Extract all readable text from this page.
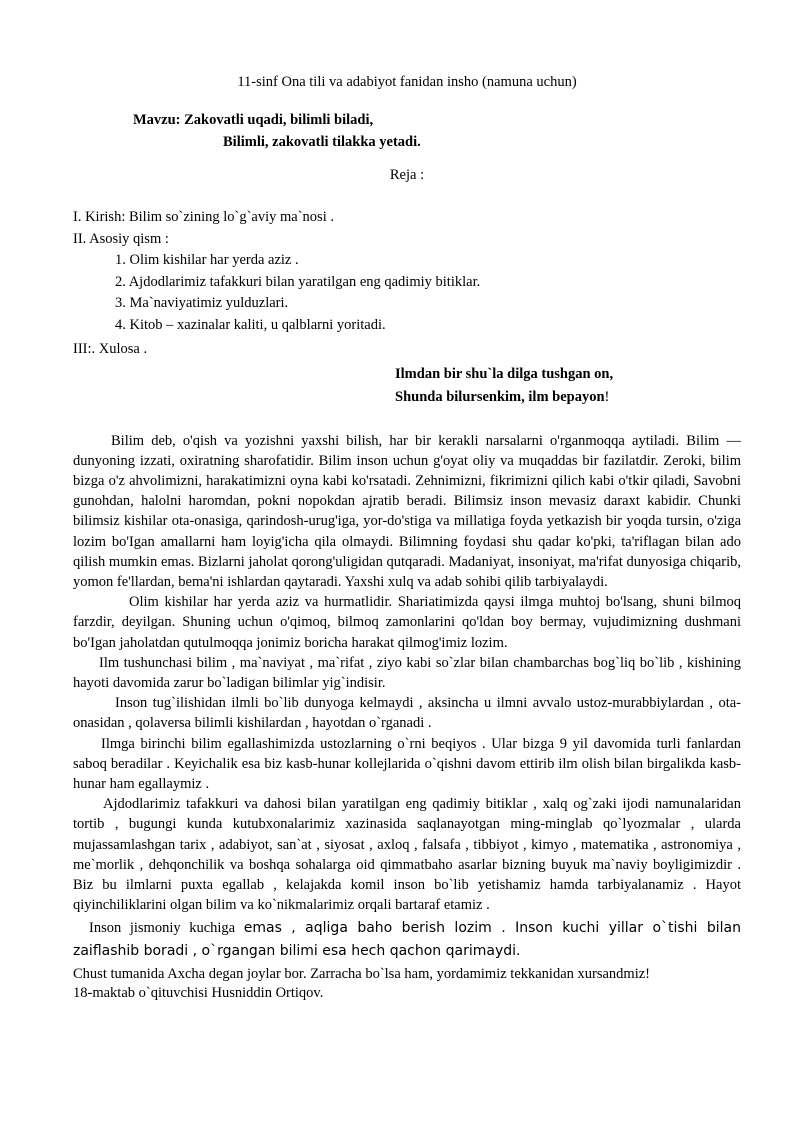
11-sinf Ona tili va adabiyot fanidan insho (namuna uchun)
Mavzu: Zakovatli uqadi, bilimli biladi,
Bilimli, zakovatli tilakka yetadi.
Reja :
I. Kirish: Bilim so`zining lo`g`aviy ma`nosi .
II. Asosiy qism :
1. Olim kishilar har yerda aziz .
2. Ajdodlarimiz tafakkuri bilan yaratilgan eng qadimiy bitiklar.
3. Ma`naviyatimiz yulduzlari.
4. Kitob – xazinalar kaliti, u qalblarni yoritadi.
III:. Xulosa .
Ilmdan bir shu`la dilga tushgan on,
Shunda bilursenkim, ilm bepayon!

Bilim deb, o'qish va yozishni yaxshi bilish, har bir kerakli narsalarni o'rganmoqqa aytiladi. Bilim — dunyoning izzati, oxiratning sharofatidir. Bilim inson uchun g'oyat oliy va muqaddas bir fazilatdir. Zeroki, bilim bizga o'z ahvolimizni, harakatimizni oyna kabi ko'rsatadi. Zehnimizni, fikrimizni qilich kabi o'tkir qiladi, Savobni gunohdan, halolni haromdan, pokni nopokdan ajratib beradi. Bilimsiz inson mevasiz daraxt kabidir. Chunki bilimsiz kishilar ota-onasiga, qarindosh-urug'iga, yor-do'stiga va millatiga foyda yetkazish bir yoqda tursin, o'ziga lozim bo'Igan amallarni ham loyig'icha qila olmaydi. Bilimning foydasi shu qadar ko'pki, ta'riflagan bilan ado qilish mumkin emas. Bizlarni jaholat qorong'uligidan qutqaradi. Madaniyat, insoniyat, ma'rifat dunyosiga chiqarib, yomon fe'llardan, bema'ni ishlardan qaytaradi. Yaxshi xulq va adab sohibi qilib tarbiyalaydi.

Olim kishilar har yerda aziz va hurmatlidir. Shariatimizda qaysi ilmga muhtoj bo'lsang, shuni bilmoq farzdir, deyilgan. Shuning uchun o'qimoq, bilmoq zamonlarini qo'ldan boy bermay, vujudimizning dushmani bo'Igan jaholatdan qutulmoqqa jonimiz boricha harakat qilmog'imiz lozim.

Ilm tushunchasi bilim , ma`naviyat , ma`rifat , ziyo kabi so`zlar bilan chambarchas bog`liq bo`lib , kishining hayoti davomida zarur bo`ladigan bilimlar yig`indisir.

Inson tug`ilishidan ilmli bo`lib dunyoga kelmaydi , aksincha u ilmni avvalo ustoz-murabbiylardan , ota-onasidan , qolaversa bilimli kishilardan , hayotdan o`rganadi .

Ilmga birinchi bilim egallashimizda ustozlarning o`rni beqiyos . Ular bizga 9 yil davomida turli fanlardan saboq beradilar . Keyichalik esa biz kasb-hunar kollejlarida o`qishni davom ettirib ilm olish bilan birgalikda kasb- hunar ham egallaymiz .

Ajdodlarimiz tafakkuri va dahosi bilan yaratilgan eng qadimiy bitiklar , xalq og`zaki ijodi namunalaridan tortib , bugungi kunda kutubxonalarimiz xazinasida saqlanayotgan ming-minglab qo`lyozmalar , ularda mujassamlashgan tarix , adabiyot, san`at , siyosat , axloq , falsafa , tibbiyot , kimyo , matematika , astronomiya , me`morlik , dehqonchilik va boshqa sohalarga oid qimmatbaho asarlar bizning buyuk ma`naviy boyligimizdir . Biz bu ilmlarni puxta egallab , kelajakda komil inson bo`lib yetishamiz hamda tarbiyalanamiz . Hayot qiyinchiliklarini olgan bilim va ko`nikmalarimiz orqali bartaraf etamiz .

Inson jismoniy kuchiga emas , aqliga baho berish lozim . Inson kuchi yillar o`tishi bilan zaiflashib boradi , o`rgangan bilimi esa hech qachon qarimaydi.

Chust tumanida Axcha degan joylar bor. Zarracha bo`lsa ham, yordamimiz tekkanidan xursandmiz!
18-maktab o`qituvchisi Husniddin Ortiqov.
